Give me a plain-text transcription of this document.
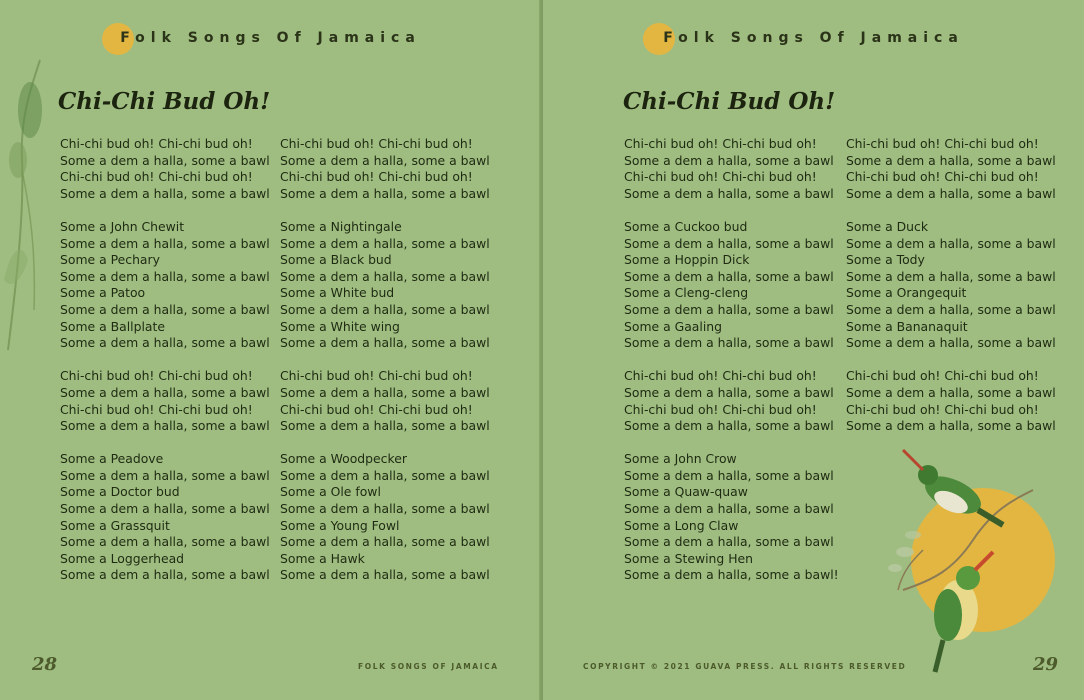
Folk Songs Of Jamaica
Chi-Chi Bud Oh!
Chi-chi bud oh! Chi-chi bud oh!
Some a dem a halla, some a bawl
Chi-chi bud oh! Chi-chi bud oh!
Some a dem a halla, some a bawl
Some a John Chewit
Some a dem a halla, some a bawl
Some a Pechary
Some a dem a halla, some a bawl
Some a Patoo
Some a dem a halla, some a bawl
Some a Ballplate
Some a dem a halla, some a bawl
Chi-chi bud oh! Chi-chi bud oh!
Some a dem a halla, some a bawl
Chi-chi bud oh! Chi-chi bud oh!
Some a dem a halla, some a bawl
Some a Peadove
Some a dem a halla, some a bawl
Some a Doctor bud
Some a dem a halla, some a bawl
Some a Grassquit
Some a dem a halla, some a bawl
Some a Loggerhead
Some a dem a halla, some a bawl
Chi-chi bud oh! Chi-chi bud oh!
Some a dem a halla, some a bawl
Chi-chi bud oh! Chi-chi bud oh!
Some a dem a halla, some a bawl
Some a Nightingale
Some a dem a halla, some a bawl
Some a Black bud
Some a dem a halla, some a bawl
Some a White bud
Some a dem a halla, some a bawl
Some a White wing
Some a dem a halla, some a bawl
Chi-chi bud oh! Chi-chi bud oh!
Some a dem a halla, some a bawl
Chi-chi bud oh! Chi-chi bud oh!
Some a dem a halla, some a bawl
Some a Woodpecker
Some a dem a halla, some a bawl
Some a Ole fowl
Some a dem a halla, some a bawl
Some a Young Fowl
Some a dem a halla, some a bawl
Some a Hawk
Some a dem a halla, some a bawl
28	FOLK SONGS OF JAMAICA
Folk Songs Of Jamaica
Chi-Chi Bud Oh!
Chi-chi bud oh! Chi-chi bud oh!
Some a dem a halla, some a bawl
Chi-chi bud oh! Chi-chi bud oh!
Some a dem a halla, some a bawl
Some a Cuckoo bud
Some a dem a halla, some a bawl
Some a Hoppin Dick
Some a dem a halla, some a bawl
Some a Cleng-cleng
Some a dem a halla, some a bawl
Some a Gaaling
Some a dem a halla, some a bawl
Chi-chi bud oh! Chi-chi bud oh!
Some a dem a halla, some a bawl
Chi-chi bud oh! Chi-chi bud oh!
Some a dem a halla, some a bawl
Some a John Crow
Some a dem a halla, some a bawl
Some a Quaw-quaw
Some a dem a halla, some a bawl
Some a Long Claw
Some a dem a halla, some a bawl
Some a Stewing Hen
Some a dem a halla, some a bawl!
Chi-chi bud oh! Chi-chi bud oh!
Some a dem a halla, some a bawl
Chi-chi bud oh! Chi-chi bud oh!
Some a dem a halla, some a bawl
Some a Duck
Some a dem a halla, some a bawl
Some a Tody
Some a dem a halla, some a bawl
Some a Orangequit
Some a dem a halla, some a bawl
Some a Bananaquit
Some a dem a halla, some a bawl
Chi-chi bud oh! Chi-chi bud oh!
Some a dem a halla, some a bawl
Chi-chi bud oh! Chi-chi bud oh!
Some a dem a halla, some a bawl
COPYRIGHT © 2021 GUAVA PRESS. ALL RIGHTS RESERVED	29
